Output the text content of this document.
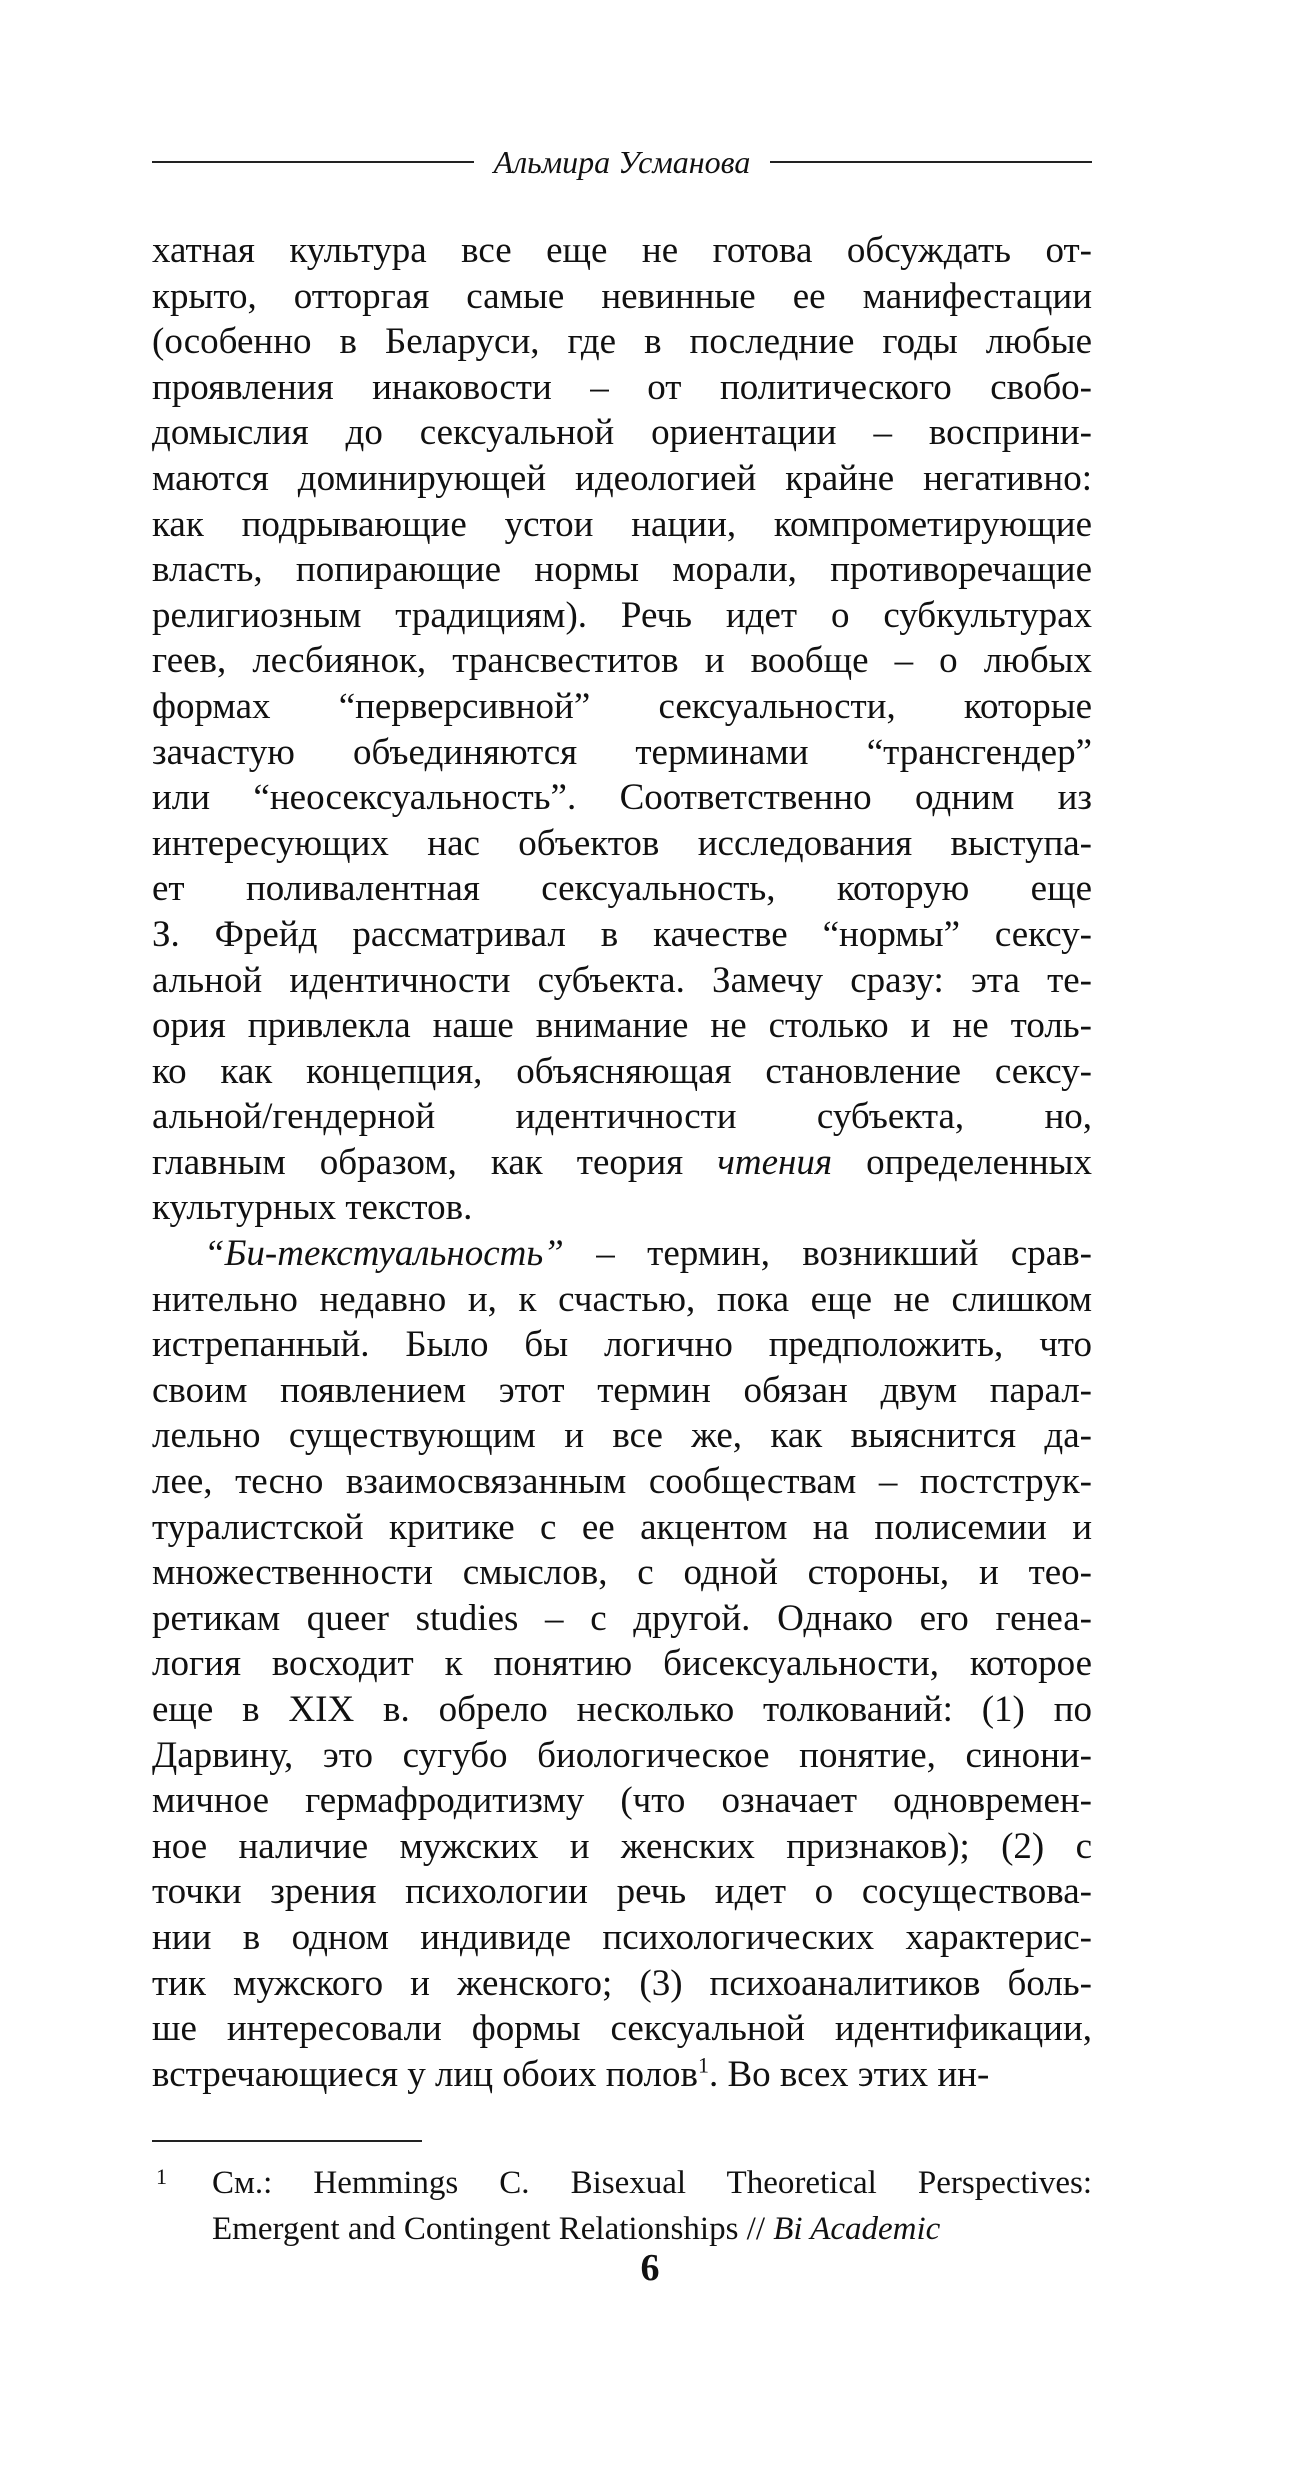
Альмира Усманова
хатная культура все еще не готова обсуждать от-
крыто, отторгая самые невинные ее манифестации
(особенно в Беларуси, где в последние годы любые
проявления инаковости – от политического свобо-
домыслия до сексуальной ориентации – восприни-
маются доминирующей идеологией крайне негативно:
как подрывающие устои нации, компрометирующие
власть, попирающие нормы морали, противоречащие
религиозным традициям). Речь идет о субкультурах
геев, лесбиянок, трансвеститов и вообще – о любых
формах “перверсивной” сексуальности, которые
зачастую объединяются терминами “трансгендер”
или “неосексуальность”. Соответственно одним из
интересующих нас объектов исследования выступа-
ет поливалентная сексуальность, которую еще
З. Фрейд рассматривал в качестве “нормы” сексу-
альной идентичности субъекта. Замечу сразу: эта те-
ория привлекла наше внимание не столько и не толь-
ко как концепция, объясняющая становление сексу-
альной/гендерной идентичности субъекта, но,
главным образом, как теория чтения определенных
культурных текстов.
“Би-текстуальность” – термин, возникший срав-
нительно недавно и, к счастью, пока еще не слишком
истрепанный. Было бы логично предположить, что
своим появлением этот термин обязан двум парал-
лельно существующим и все же, как выяснится да-
лее, тесно взаимосвязанным сообществам – постструк-
туралистской критике с ее акцентом на полисемии и
множественности смыслов, с одной стороны, и тео-
ретикам queer studies – с другой. Однако его генеа-
логия восходит к понятию бисексуальности, которое
еще в XIX в. обрело несколько толкований: (1) по
Дарвину, это сугубо биологическое понятие, синони-
мичное гермафродитизму (что означает одновремен-
ное наличие мужских и женских признаков); (2) с
точки зрения психологии речь идет о сосуществова-
нии в одном индивиде психологических характерис-
тик мужского и женского; (3) психоаналитиков боль-
ше интересовали формы сексуальной идентификации,
встречающиеся у лиц обоих полов$^1$. Во всех этих ин-
1	См.: Hemmings C. Bisexual Theoretical Perspectives:
Emergent and Contingent Relationships // Bi Academic
6
